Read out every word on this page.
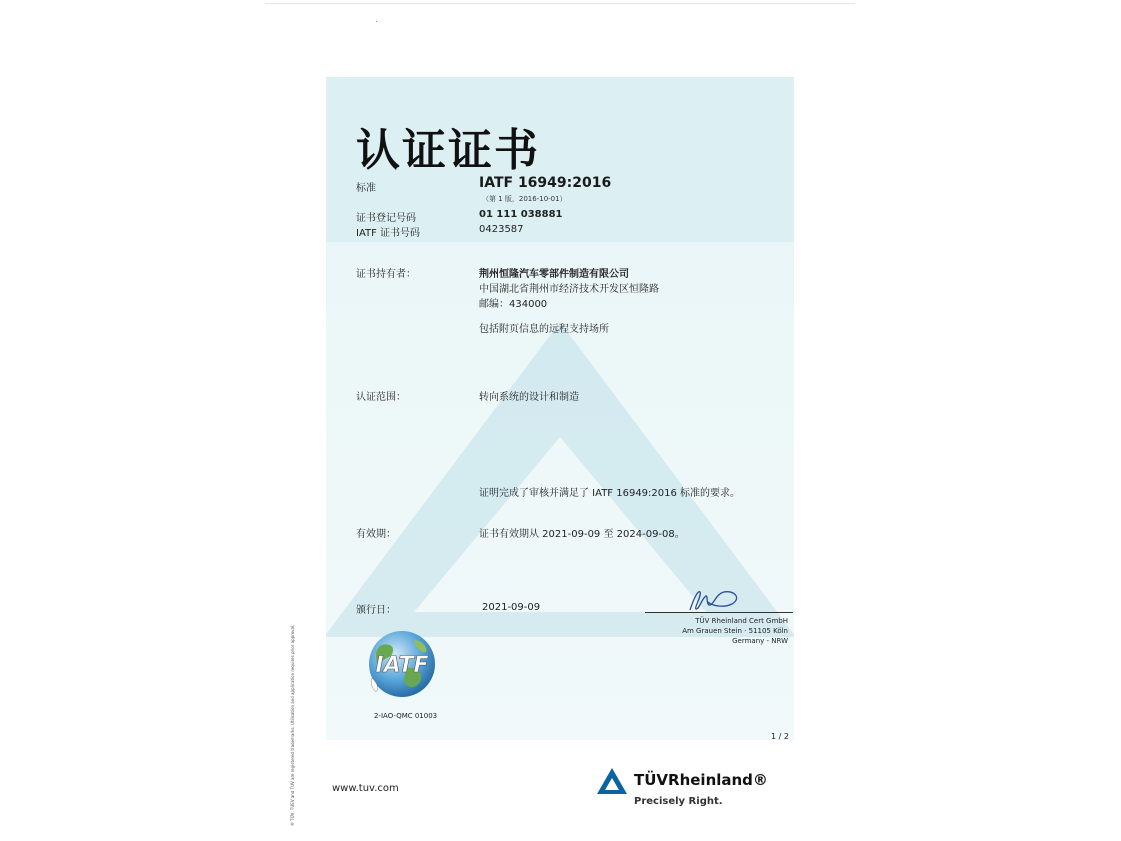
认证证书
标准	IATF 16949:2016
（第 1 版，2016-10-01）
证书登记号码	01 111 038881
IATF 证书号码	0423587
证书持有者：	荆州恒隆汽车零部件制造有限公司
中国湖北省荆州市经济技术开发区恒隆路
邮编：434000
包括附页信息的远程支持场所
认证范围：	转向系统的设计和制造
证明完成了审核并满足了 IATF 16949:2016 标准的要求。
有效期：	证书有效期从 2021-09-09 至 2024-09-08。
颁行日：	2021-09-09
TÜV Rheinland Cert GmbH
Am Grauen Stein · 51105 Köln
Germany - NRW
IATF
2-IAO-QMC 01003
1 / 2
® TÜV, TUEV and TUV are registered trademarks. Utilisation and application requires prior approval.	www.tuv.com	TÜVRheinland®
Precisely Right.
